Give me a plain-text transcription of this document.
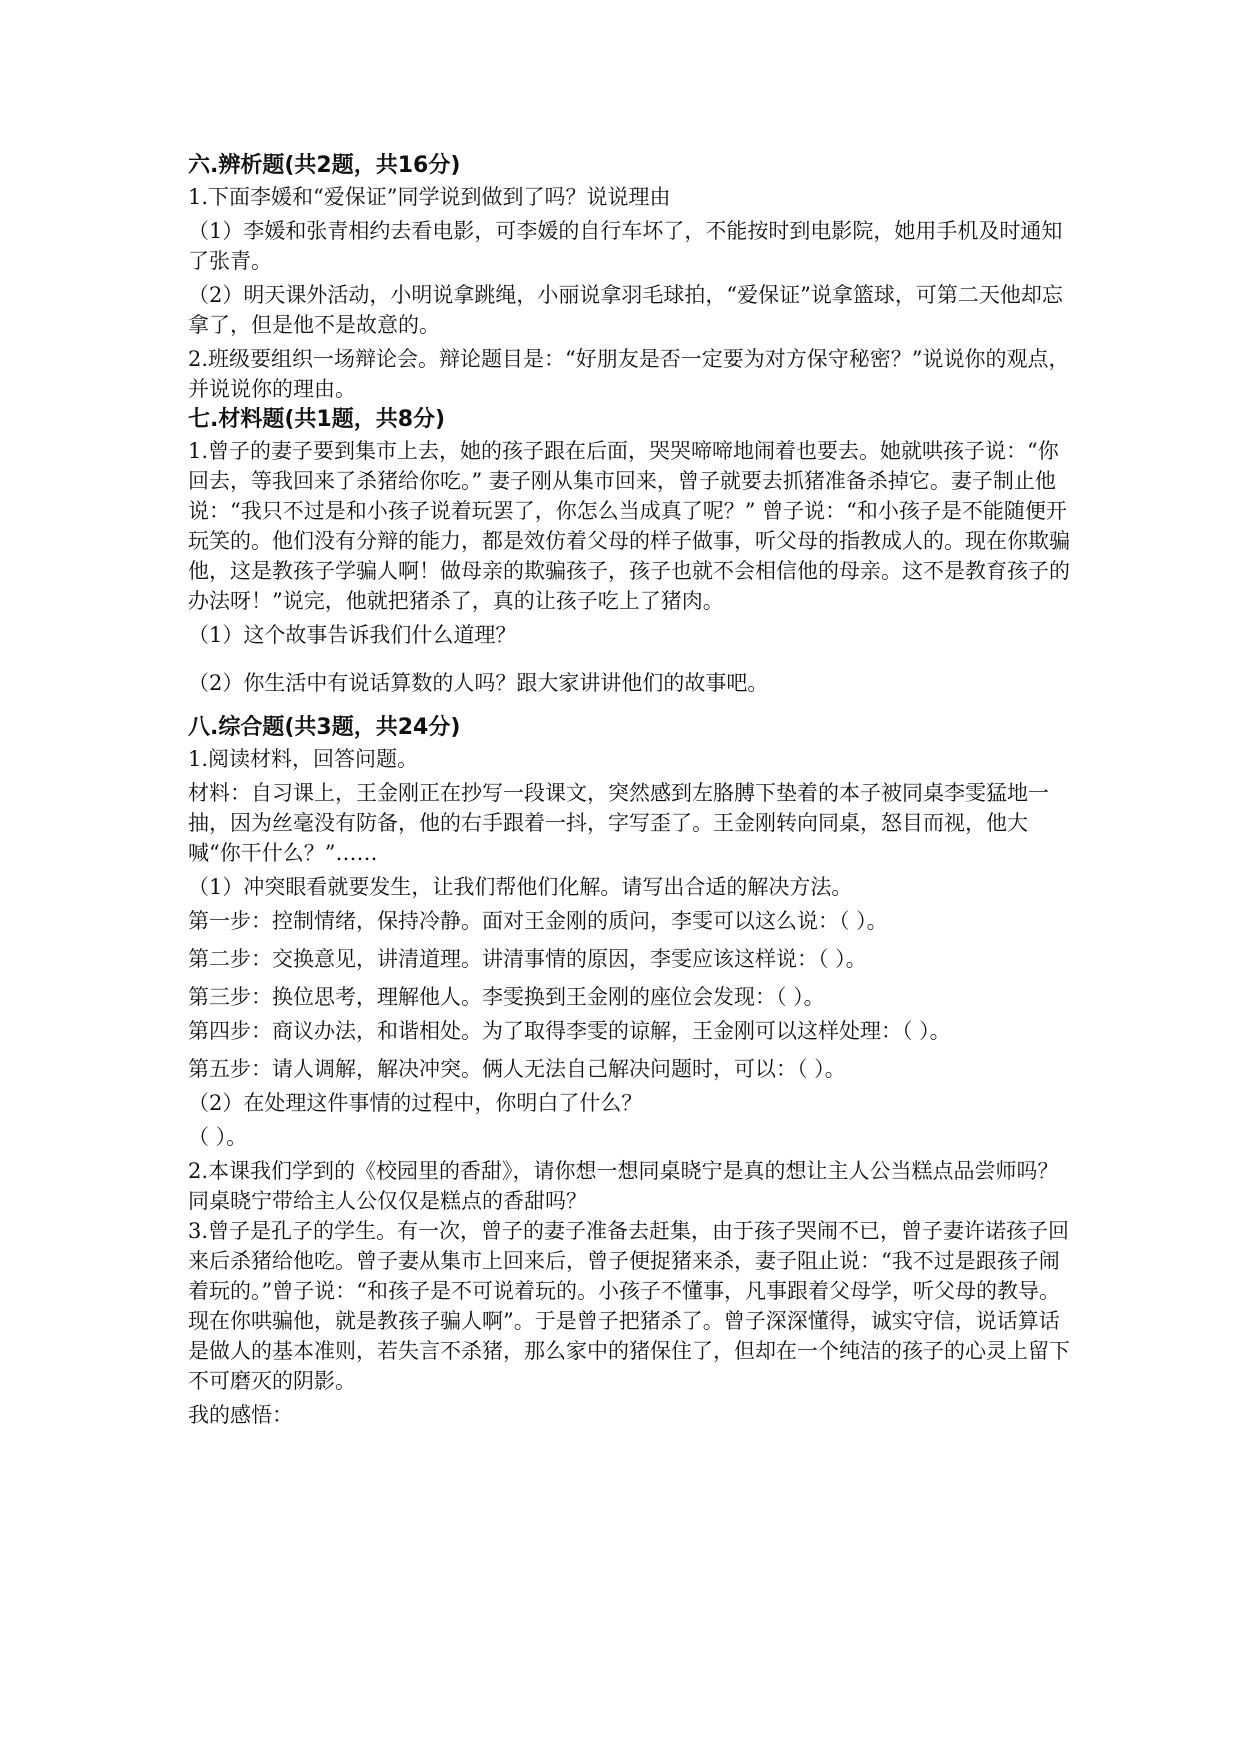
六.辨析题(共2题，共16分)

1.下面李媛和“爱保证”同学说到做到了吗？说说理由

（1）李媛和张青相约去看电影，可李媛的自行车坏了，不能按时到电影院，她用手机及时通知了张青。

（2）明天课外活动，小明说拿跳绳，小丽说拿羽毛球拍，“爱保证”说拿篮球，可第二天他却忘拿了，但是他不是故意的。

2.班级要组织一场辩论会。辩论题目是：“好朋友是否一定要为对方保守秘密？”说说你的观点，并说说你的理由。

七.材料题(共1题，共8分)

1.曾子的妻子要到集市上去，她的孩子跟在后面，哭哭啼啼地闹着也要去。她就哄孩子说：“你回去，等我回来了杀猪给你吃。” 妻子刚从集市回来，曾子就要去抓猪准备杀掉它。妻子制止他说：“我只不过是和小孩子说着玩罢了，你怎么当成真了呢？” 曾子说：“和小孩子是不能随便开玩笑的。他们没有分辩的能力，都是效仿着父母的样子做事，听父母的指教成人的。现在你欺骗他，这是教孩子学骗人啊！做母亲的欺骗孩子，孩子也就不会相信他的母亲。这不是教育孩子的办法呀！”说完，他就把猪杀了，真的让孩子吃上了猪肉。

（1）这个故事告诉我们什么道理？

（2）你生活中有说话算数的人吗？跟大家讲讲他们的故事吧。

八.综合题(共3题，共24分)

1.阅读材料，回答问题。

材料：自习课上，王金刚正在抄写一段课文，突然感到左胳膊下垫着的本子被同桌李雯猛地一抽，因为丝毫没有防备，他的右手跟着一抖，字写歪了。王金刚转向同桌，怒目而视，他大喊“你干什么？”……

（1）冲突眼看就要发生，让我们帮他们化解。请写出合适的解决方法。

第一步：控制情绪，保持冷静。面对王金刚的质问，李雯可以这么说：（ ）。

第二步：交换意见，讲清道理。讲清事情的原因，李雯应该这样说：（ ）。

第三步：换位思考，理解他人。李雯换到王金刚的座位会发现：（ ）。

第四步：商议办法，和谐相处。为了取得李雯的谅解，王金刚可以这样处理：（ ）。

第五步：请人调解，解决冲突。俩人无法自己解决问题时，可以：（ ）。

（2）在处理这件事情的过程中，你明白了什么？

（ ）。

2.本课我们学到的《校园里的香甜》，请你想一想同桌晓宁是真的想让主人公当糕点品尝师吗？同桌晓宁带给主人公仅仅是糕点的香甜吗？

3.曾子是孔子的学生。有一次，曾子的妻子准备去赶集，由于孩子哭闹不已，曾子妻许诺孩子回来后杀猪给他吃。曾子妻从集市上回来后，曾子便捉猪来杀，妻子阻止说：“我不过是跟孩子闹着玩的。”曾子说：“和孩子是不可说着玩的。小孩子不懂事，凡事跟着父母学，听父母的教导。现在你哄骗他，就是教孩子骗人啊”。于是曾子把猪杀了。曾子深深懂得，诚实守信，说话算话是做人的基本准则，若失言不杀猪，那么家中的猪保住了，但却在一个纯洁的孩子的心灵上留下不可磨灭的阴影。

我的感悟：
